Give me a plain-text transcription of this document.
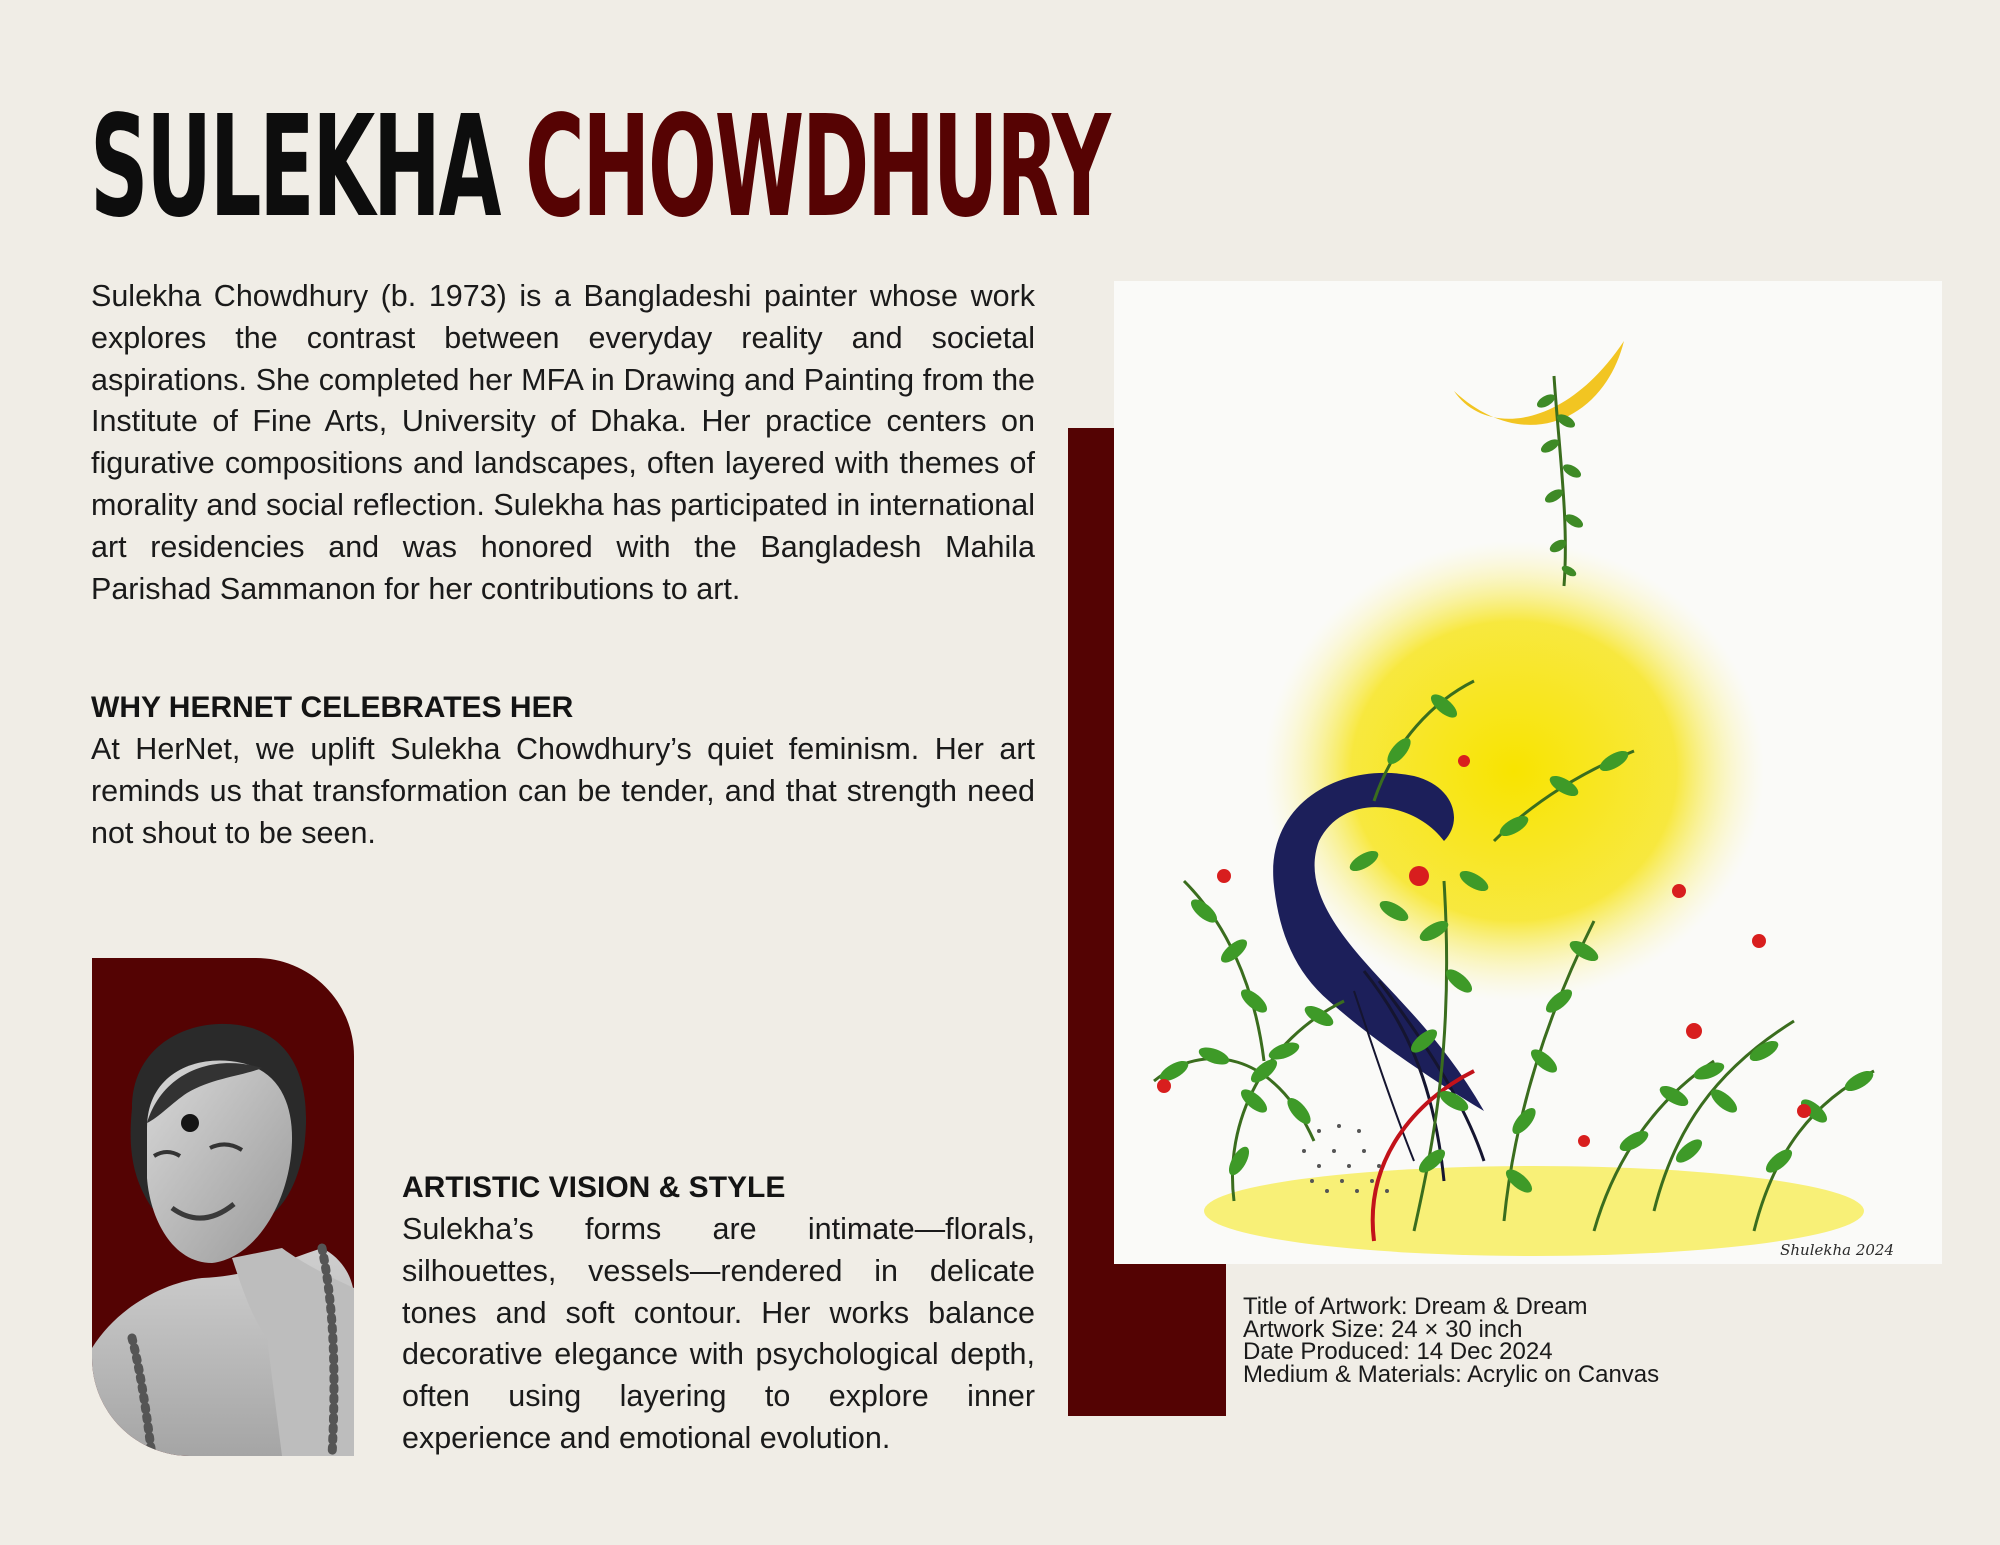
SULEKHA CHOWDHURY

Sulekha Chowdhury (b. 1973) is a Bangladeshi painter whose work explores the contrast between everyday reality and societal aspirations. She completed her MFA in Drawing and Painting from the Institute of Fine Arts, University of Dhaka. Her practice centers on figurative compositions and landscapes, often layered with themes of morality and social reflection. Sulekha has participated in international art residencies and was honored with the Bangladesh Mahila Parishad Sammanon for her contributions to art.

WHY HERNET CELEBRATES HER

At HerNet, we uplift Sulekha Chowdhury’s quiet feminism. Her art reminds us that transformation can be tender, and that strength need not shout to be seen.

ARTISTIC VISION & STYLE

Sulekha’s forms are intimate—florals, silhouettes, vessels—rendered in delicate tones and soft contour. Her works balance decorative elegance with psychological depth, often using layering to explore inner experience and emotional evolution.

Shulekha 2024
Title of Artwork: Dream & Dream
Artwork Size: 24 × 30 inch
Date Produced: 14 Dec 2024
Medium & Materials: Acrylic on Canvas
